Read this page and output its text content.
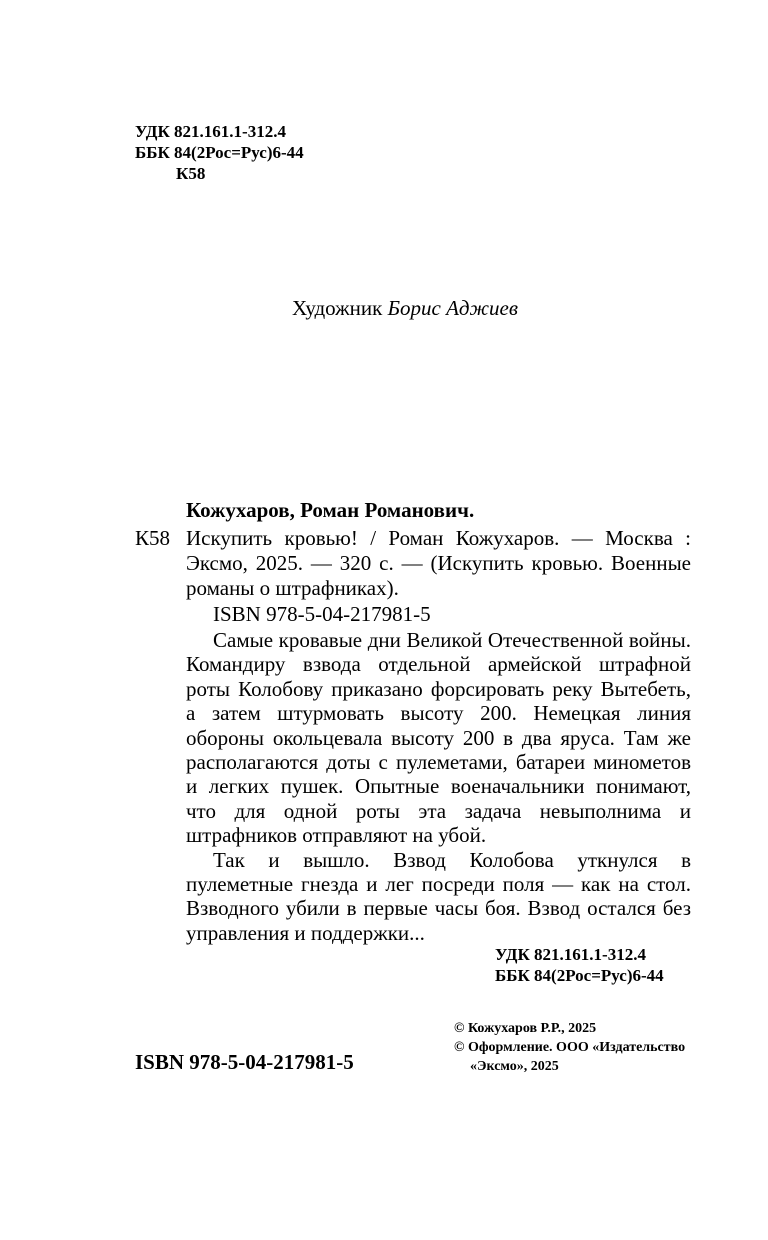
УДК 821.161.1-312.4
ББК 84(2Рос=Рус)6-44
К58
Художник Борис Аджиев
Кожухаров, Роман Романович.
К58 Искупить кровью! / Роман Кожухаров. — Москва : Эксмо, 2025. — 320 с. — (Искупить кровью. Военные романы о штрафниках).
ISBN 978-5-04-217981-5

Самые кровавые дни Великой Отечественной войны. Командиру взвода отдельной армейской штрафной роты Колобову приказано форсировать реку Вытебеть, а затем штурмовать высоту 200. Немецкая линия обороны окольцевала высоту 200 в два яруса. Там же располагаются доты с пулеметами, батареи минометов и легких пушек. Опытные военачальники понимают, что для одной роты эта задача невыполнима и штрафников отправляют на убой.

Так и вышло. Взвод Колобова уткнулся в пулеметные гнезда и лег посреди поля — как на стол. Взводного убили в первые часы боя. Взвод остался без управления и поддержки...

УДК 821.161.1-312.4
ББК 84(2Рос=Рус)6-44
ISBN 978-5-04-217981-5
© Кожухаров Р.Р., 2025
© Оформление. ООО «Издательство
«Эксмо», 2025
